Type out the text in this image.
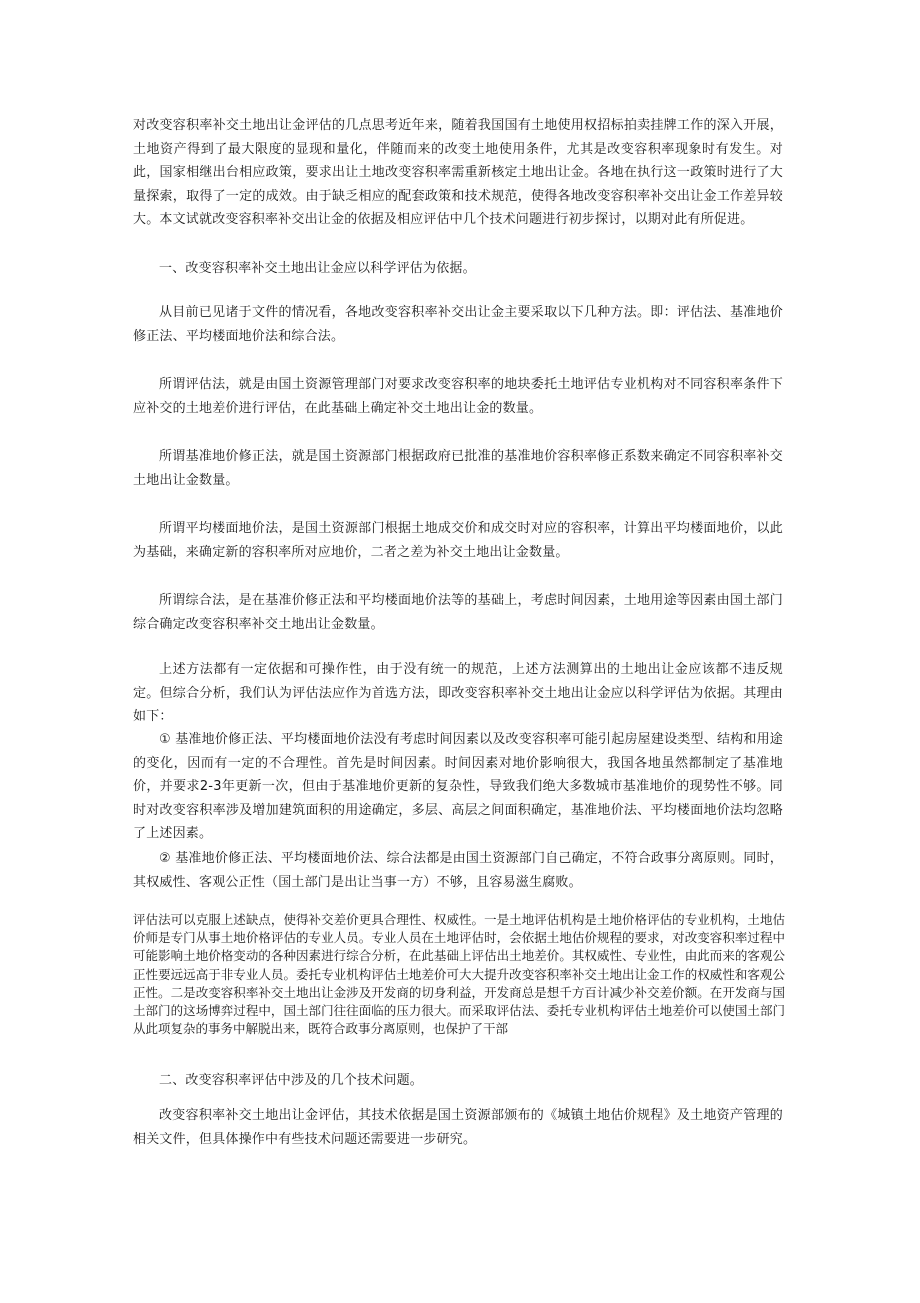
对改变容积率补交土地出让金评估的几点思考近年来，随着我国国有土地使用权招标拍卖挂牌工作的深入开展，土地资产得到了最大限度的显现和量化，伴随而来的改变土地使用条件，尤其是改变容积率现象时有发生。对此，国家相继出台相应政策，要求出让土地改变容积率需重新核定土地出让金。各地在执行这一政策时进行了大量探索，取得了一定的成效。由于缺乏相应的配套政策和技术规范，使得各地改变容积率补交出让金工作差异较大。本文试就改变容积率补交出让金的依据及相应评估中几个技术问题进行初步探讨，以期对此有所促进。

一、改变容积率补交土地出让金应以科学评估为依据。

从目前已见诸于文件的情况看，各地改变容积率补交出让金主要采取以下几种方法。即：评估法、基准地价修正法、平均楼面地价法和综合法。

所谓评估法，就是由国土资源管理部门对要求改变容积率的地块委托土地评估专业机构对不同容积率条件下应补交的土地差价进行评估，在此基础上确定补交土地出让金的数量。

所谓基准地价修正法，就是国土资源部门根据政府已批准的基准地价容积率修正系数来确定不同容积率补交土地出让金数量。

所谓平均楼面地价法，是国土资源部门根据土地成交价和成交时对应的容积率，计算出平均楼面地价，以此为基础，来确定新的容积率所对应地价，二者之差为补交土地出让金数量。

所谓综合法，是在基准价修正法和平均楼面地价法等的基础上，考虑时间因素，土地用途等因素由国土部门综合确定改变容积率补交土地出让金数量。

上述方法都有一定依据和可操作性，由于没有统一的规范，上述方法测算出的土地出让金应该都不违反规定。但综合分析，我们认为评估法应作为首选方法，即改变容积率补交土地出让金应以科学评估为依据。其理由如下：

① 基准地价修正法、平均楼面地价法没有考虑时间因素以及改变容积率可能引起房屋建设类型、结构和用途的变化，因而有一定的不合理性。首先是时间因素。时间因素对地价影响很大，我国各地虽然都制定了基准地价，并要求2-3年更新一次，但由于基准地价更新的复杂性，导致我们绝大多数城市基准地价的现势性不够。同时对改变容积率涉及增加建筑面积的用途确定，多层、高层之间面积确定，基准地价法、平均楼面地价法均忽略了上述因素。

② 基准地价修正法、平均楼面地价法、综合法都是由国土资源部门自己确定，不符合政事分离原则。同时，其权威性、客观公正性（国土部门是出让当事一方）不够，且容易滋生腐败。

评估法可以克服上述缺点，使得补交差价更具合理性、权威性。一是土地评估机构是土地价格评估的专业机构，土地估价师是专门从事土地价格评估的专业人员。专业人员在土地评估时，会依据土地估价规程的要求，对改变容积率过程中可能影响土地价格变动的各种因素进行综合分析，在此基础上评估出土地差价。其权威性、专业性，由此而来的客观公正性要远远高于非专业人员。委托专业机构评估土地差价可大大提升改变容积率补交土地出让金工作的权威性和客观公正性。二是改变容积率补交土地出让金涉及开发商的切身利益，开发商总是想千方百计减少补交差价额。在开发商与国土部门的这场博弈过程中，国土部门往往面临的压力很大。而采取评估法、委托专业机构评估土地差价可以使国土部门从此项复杂的事务中解脱出来，既符合政事分离原则，也保护了干部

二、改变容积率评估中涉及的几个技术问题。

改变容积率补交土地出让金评估，其技术依据是国土资源部颁布的《城镇土地估价规程》及土地资产管理的相关文件，但具体操作中有些技术问题还需要进一步研究。
